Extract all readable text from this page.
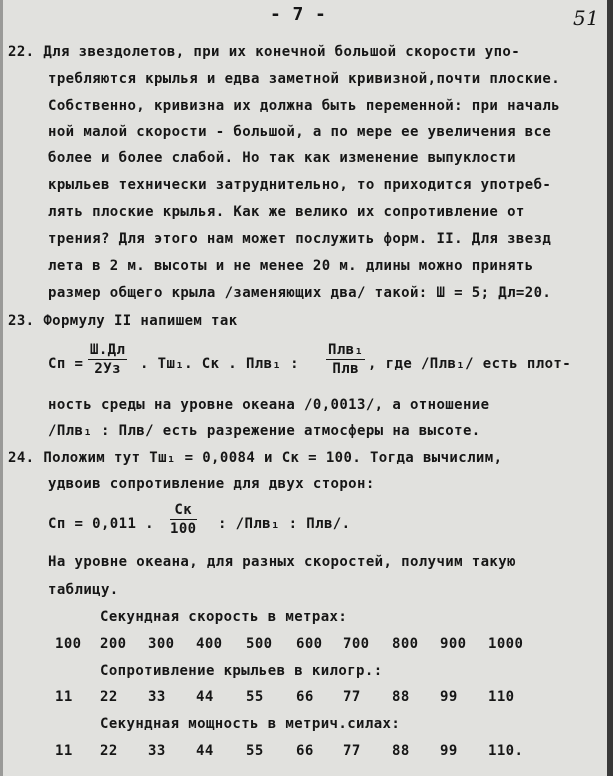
- 7 -	51
22. Для звездолетов, при их конечной большой скорости упо-
требляются крылья и едва заметной кривизной,почти плоские.
Собственно, кривизна их должна быть переменной: при началь
ной малой скорости - большой, а по мере ее увеличения все
более и более слабой. Но так как изменение выпуклости
крыльев технически затруднительно, то приходится употреб-
лять плоские крылья. Как же велико их сопротивление от
трения? Для этого нам может послужить форм. II. Для звезд
лета в 2 м. высоты и не менее 20 м. длины можно принять
размер общего крыла /заменяющих два/ такой: Ш = 5; Дл=20.
23. Формулу II напишем так
Сп =
Ш.Дл
2Уз	. Тш₁. Ск . Плв₁ :
Плв₁
Плв , где /Плв₁/ есть плот-
ность среды на уровне океана /0,0013/, а отношение
/Плв₁ : Плв/ есть разрежение атмосферы на высоте.
24. Положим тут Тш₁ = 0,0084 и Ск = 100. Тогда вычислим,
удвоив сопротивление для двух сторон:
Сп = 0,011 .
Ск
100 : /Плв₁ : Плв/.
На уровне океана, для разных скоростей, получим такую
таблицу.
Секундная скорость в метрах:
100 200 300 400 500 600 700 800 900 1000
Сопротивление крыльев в килогр.:
11 22 33 44 55 66 77 88 99 110
Секундная мощность в метрич.силах:
11 22 33 44 55 66 77 88 99 110.
